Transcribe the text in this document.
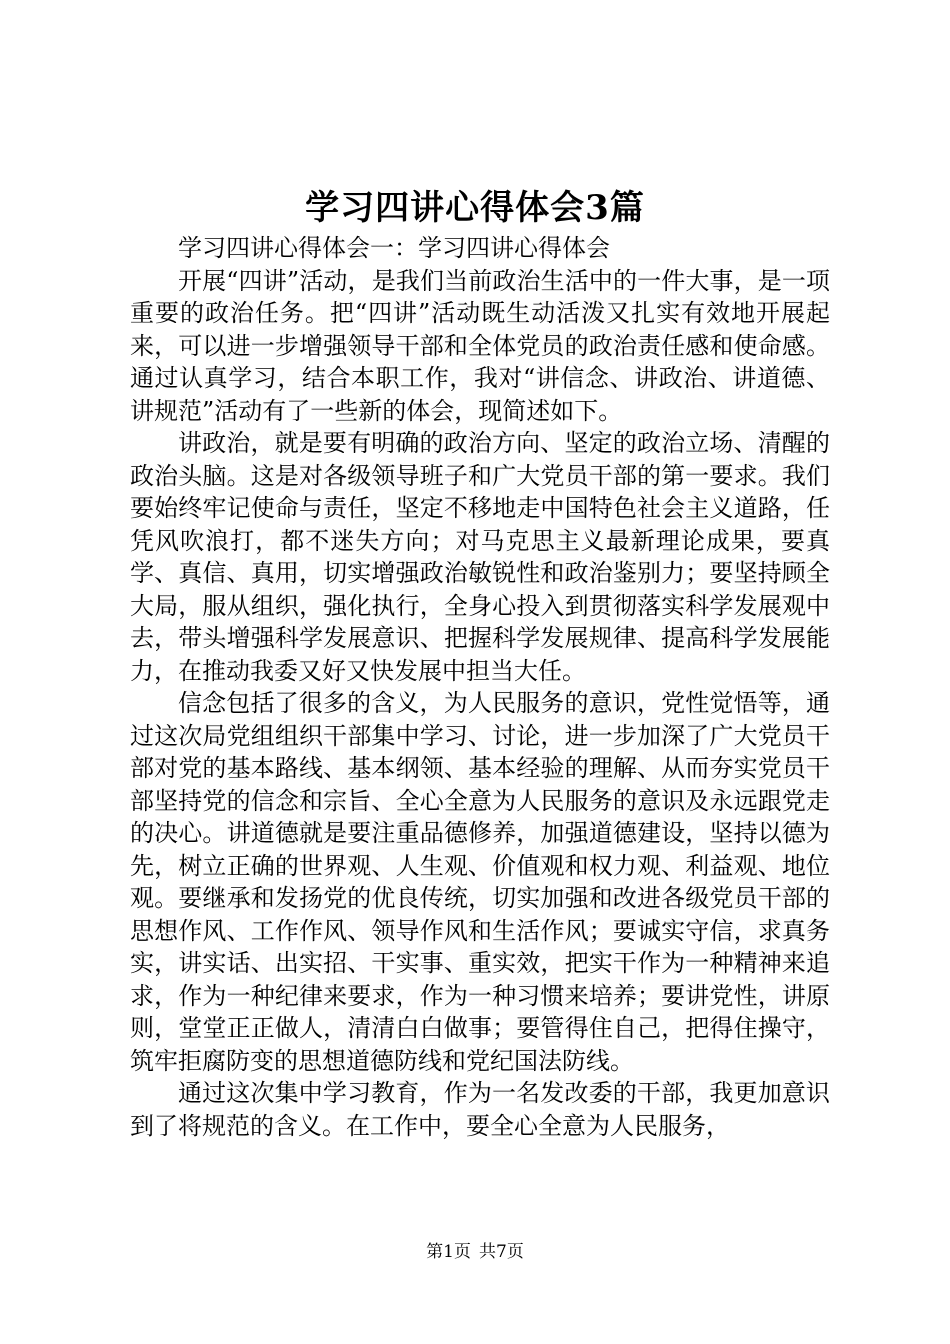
学习四讲心得体会3篇

学习四讲心得体会一：学习四讲心得体会

开展“四讲”活动，是我们当前政治生活中的一件大事，是一项重要的政治任务。把“四讲”活动既生动活泼又扎实有效地开展起来，可以进一步增强领导干部和全体党员的政治责任感和使命感。通过认真学习，结合本职工作，我对“讲信念、讲政治、讲道德、讲规范”活动有了一些新的体会，现简述如下。

讲政治，就是要有明确的政治方向、坚定的政治立场、清醒的政治头脑。这是对各级领导班子和广大党员干部的第一要求。我们要始终牢记使命与责任，坚定不移地走中国特色社会主义道路，任凭风吹浪打，都不迷失方向；对马克思主义最新理论成果，要真学、真信、真用，切实增强政治敏锐性和政治鉴别力；要坚持顾全大局，服从组织，强化执行，全身心投入到贯彻落实科学发展观中去，带头增强科学发展意识、把握科学发展规律、提高科学发展能力，在推动我委又好又快发展中担当大任。

信念包括了很多的含义，为人民服务的意识，党性觉悟等，通过这次局党组组织干部集中学习、讨论，进一步加深了广大党员干部对党的基本路线、基本纲领、基本经验的理解、从而夯实党员干部坚持党的信念和宗旨、全心全意为人民服务的意识及永远跟党走的决心。讲道德就是要注重品德修养，加强道德建设，坚持以德为先，树立正确的世界观、人生观、价值观和权力观、利益观、地位观。要继承和发扬党的优良传统，切实加强和改进各级党员干部的思想作风、工作作风、领导作风和生活作风；要诚实守信，求真务实，讲实话、出实招、干实事、重实效，把实干作为一种精神来追求，作为一种纪律来要求，作为一种习惯来培养；要讲党性，讲原则，堂堂正正做人，清清白白做事；要管得住自己，把得住操守，筑牢拒腐防变的思想道德防线和党纪国法防线。

通过这次集中学习教育，作为一名发改委的干部，我更加意识到了将规范的含义。在工作中，要全心全意为人民服务，

第1页 共7页
